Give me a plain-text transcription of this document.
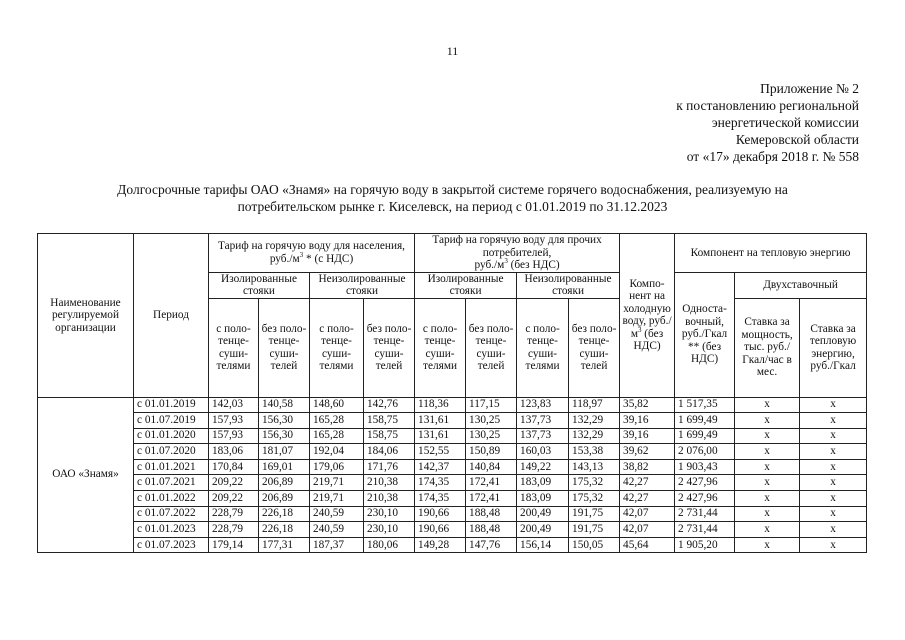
11
Приложение № 2
к постановлению региональной
энергетической комиссии
Кемеровской области
от «17» декабря 2018 г. № 558
Долгосрочные тарифы ОАО «Знамя» на горячую воду в закрытой системе горячего водоснабжения, реализуемую на
потребительском рынке г. Киселевск, на период с 01.01.2019 по 31.12.2023
Наименование регулируемой организации	Период	Тариф на горячую воду для населения, $руб./м^3 * (с$ НДС)				Тариф на горячую воду для прочих потребителей,
$руб./м^3$ (без НДС)				Компо-нент на холодную воду, $руб./м^3$ (без НДС)	Компонент на тепловую энергию		
		Изолированные стояки		Неизолированные стояки		Изолированные стояки		Неизолированные стояки			Односта-вочный, руб./Гкал ** (без НДС)	Двухставочный	
		с поло-тенце-суши-телями	без поло-тенце-суши-телей	с поло-тенце-суши-телями	без поло-тенце-суши-телей	с поло-тенце-суши-телями	без поло-тенце-суши-телей	с поло-тенце-суши-телями	без поло-тенце-суши-телей			Ставка за мощность, тыс. руб./Гкал/час в мес.	Ставка за тепловую энергию, руб./Гкал

ОАО «Знамя»	с 01.01.2019	142,03	140,58	148,60	142,76	118,36	117,15	123,83	118,97	35,82	1 517,35	х	х
	с 01.07.2019	157,93	156,30	165,28	158,75	131,61	130,25	137,73	132,29	39,16	1 699,49	х	х
	с 01.01.2020	157,93	156,30	165,28	158,75	131,61	130,25	137,73	132,29	39,16	1 699,49	х	х
	с 01.07.2020	183,06	181,07	192,04	184,06	152,55	150,89	160,03	153,38	39,62	2 076,00	х	х
	с 01.01.2021	170,84	169,01	179,06	171,76	142,37	140,84	149,22	143,13	38,82	1 903,43	х	х
	с 01.07.2021	209,22	206,89	219,71	210,38	174,35	172,41	183,09	175,32	42,27	2 427,96	х	х
	с 01.01.2022	209,22	206,89	219,71	210,38	174,35	172,41	183,09	175,32	42,27	2 427,96	х	х
	с 01.07.2022	228,79	226,18	240,59	230,10	190,66	188,48	200,49	191,75	42,07	2 731,44	х	х
	с 01.01.2023	228,79	226,18	240,59	230,10	190,66	188,48	200,49	191,75	42,07	2 731,44	х	х
	с 01.07.2023	179,14	177,31	187,37	180,06	149,28	147,76	156,14	150,05	45,64	1 905,20	х	х
